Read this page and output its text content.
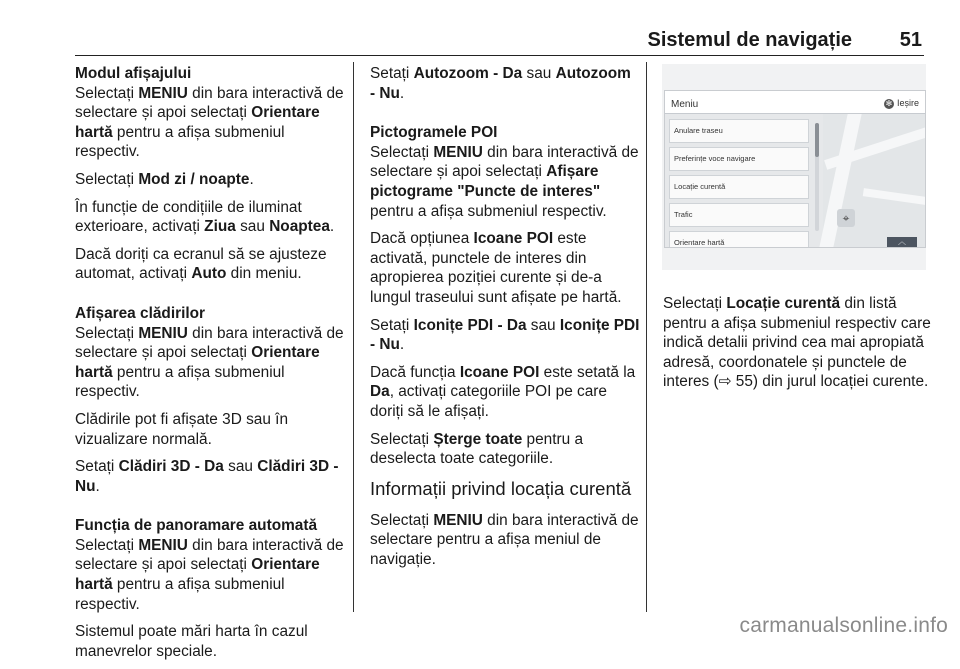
Sistemul de navigație 51

Modul afișajului

Selectați MENIU din bara interactivă de selectare și apoi selectați Orientare hartă pentru a afișa submeniul respectiv.

Selectați Mod zi / noapte.

În funcție de condițiile de iluminat exterioare, activați Ziua sau Noaptea.

Dacă doriți ca ecranul să se ajusteze automat, activați Auto din meniu.

Afișarea clădirilor

Selectați MENIU din bara interactivă de selectare și apoi selectați Orientare hartă pentru a afișa submeniul respectiv.

Clădirile pot fi afișate 3D sau în vizualizare normală.

Setați Clădiri 3D - Da sau Clădiri 3D - Nu.

Funcția de panoramare automată

Selectați MENIU din bara interactivă de selectare și apoi selectați Orientare hartă pentru a afișa submeniul respectiv.

Sistemul poate mări harta în cazul manevrelor speciale.

Setați Autozoom - Da sau Autozoom - Nu.

Pictogramele POI

Selectați MENIU din bara interactivă de selectare și apoi selectați Afișare pictograme "Puncte de interes" pentru a afișa submeniul respectiv.

Dacă opțiunea Icoane POI este activată, punctele de interes din apropierea poziției curente și de-a lungul traseului sunt afișate pe hartă.

Setați Iconițe PDI - Da sau Iconițe PDI - Nu.

Dacă funcția Icoane POI este setată la Da, activați categoriile POI pe care doriți să le afișați.

Selectați Șterge toate pentru a deselecta toate categoriile.

Informații privind locația curentă

Selectați MENIU din bara interactivă de selectare pentru a afișa meniul de navigație.

Meniu	✻ Ieșire
Anulare traseu
Preferințe voce navigare
Locație curentă
Trafic
Orientare hartă
⌖
︿

Selectați Locație curentă din listă pentru a afișa submeniul respectiv care indică detalii privind cea mai apropiată adresă, coordonatele și punctele de interes (⇨ 55) din jurul locației curente.

carmanualsonline.info
